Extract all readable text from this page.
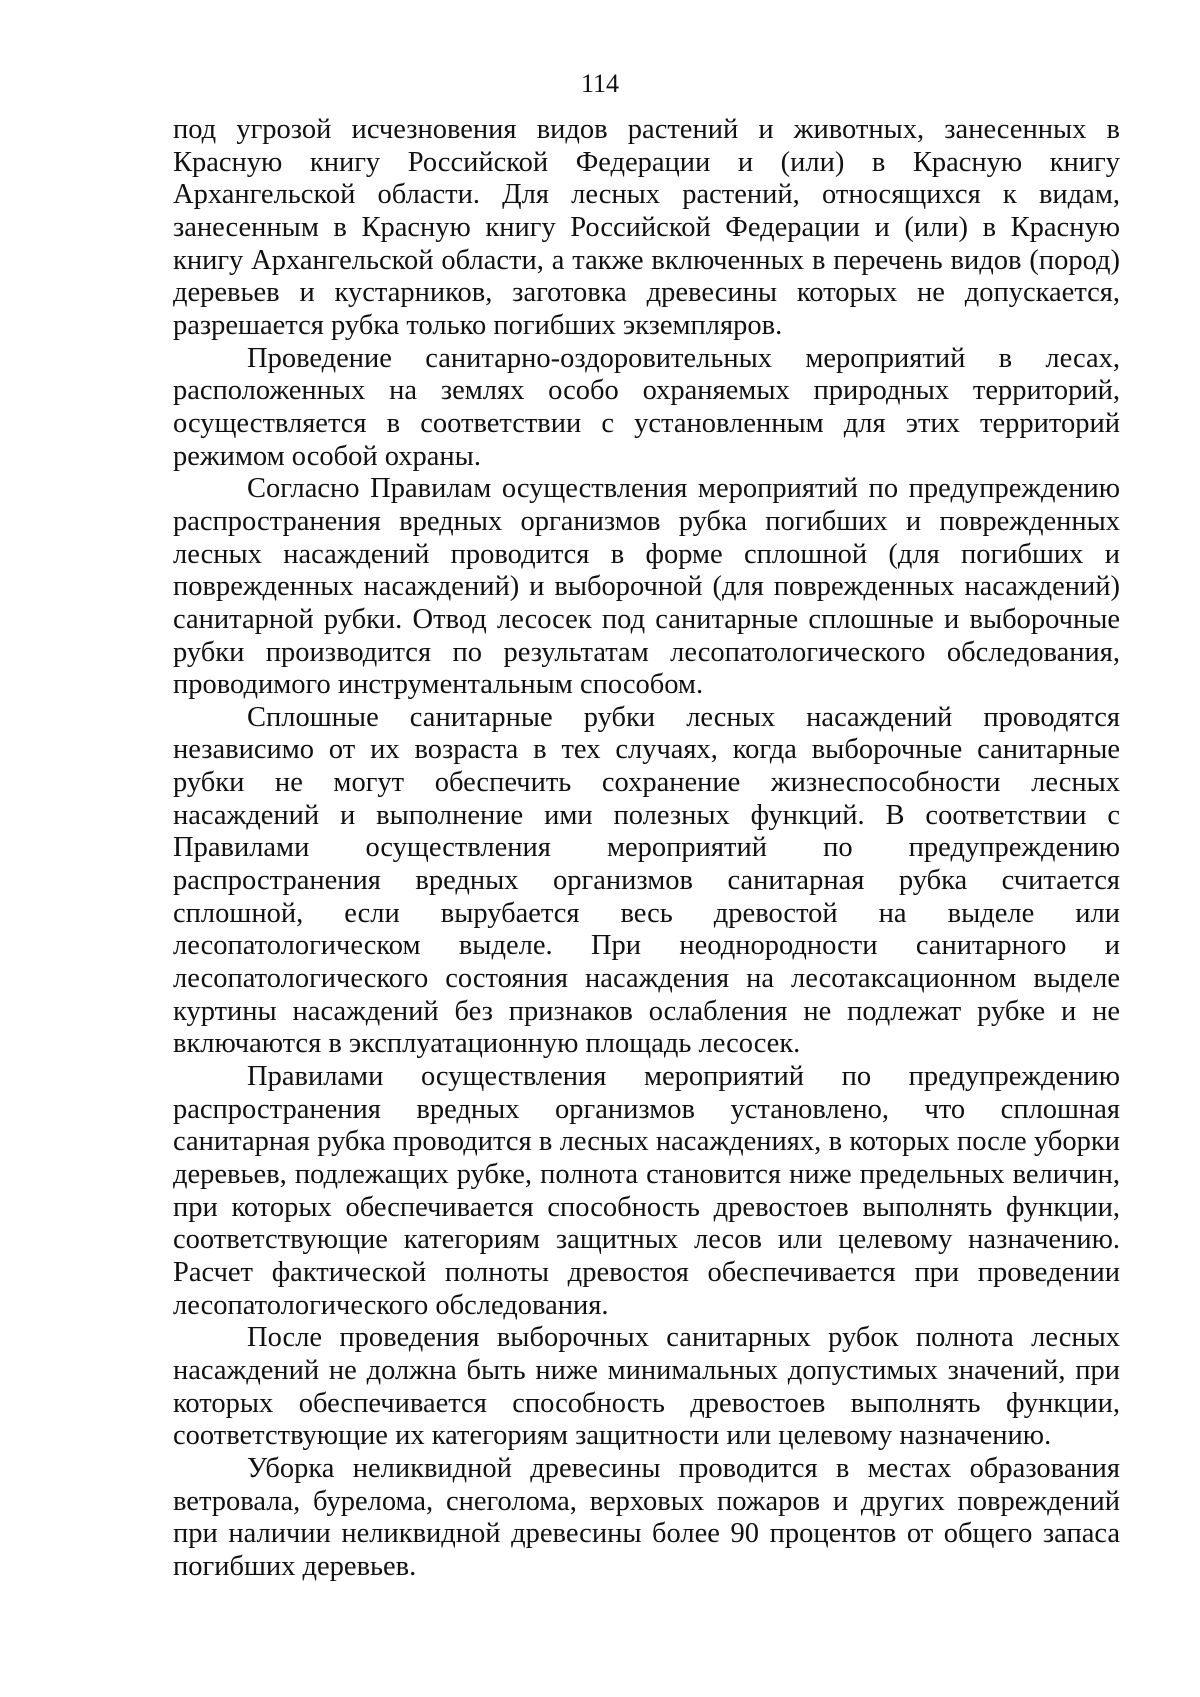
114

под угрозой исчезновения видов растений и животных, занесенных в Красную книгу Российской Федерации и (или) в Красную книгу Архангельской области. Для лесных растений, относящихся к видам, занесенным в Красную книгу Российской Федерации и (или) в Красную книгу Архангельской области, а также включенных в перечень видов (пород) деревьев и кустарников, заготовка древесины которых не допускается, разрешается рубка только погибших экземпляров.

Проведение санитарно-оздоровительных мероприятий в лесах, расположенных на землях особо охраняемых природных территорий, осуществляется в соответствии с установленным для этих территорий режимом особой охраны.

Согласно Правилам осуществления мероприятий по предупреждению распространения вредных организмов рубка погибших и поврежденных лесных насаждений проводится в форме сплошной (для погибших и поврежденных насаждений) и выборочной (для поврежденных насаждений) санитарной рубки. Отвод лесосек под санитарные сплошные и выборочные рубки производится по результатам лесопатологического обследования, проводимого инструментальным способом.

Сплошные санитарные рубки лесных насаждений проводятся независимо от их возраста в тех случаях, когда выборочные санитарные рубки не могут обеспечить сохранение жизнеспособности лесных насаждений и выполнение ими полезных функций. В соответствии с Правилами осуществления мероприятий по предупреждению распространения вредных организмов санитарная рубка считается сплошной, если вырубается весь древостой на выделе или лесопатологическом выделе. При неоднородности санитарного и лесопатологического состояния насаждения на лесотаксационном выделе куртины насаждений без признаков ослабления не подлежат рубке и не включаются в эксплуатационную площадь лесосек.

Правилами осуществления мероприятий по предупреждению распространения вредных организмов установлено, что сплошная санитарная рубка проводится в лесных насаждениях, в которых после уборки деревьев, подлежащих рубке, полнота становится ниже предельных величин, при которых обеспечивается способность древостоев выполнять функции, соответствующие категориям защитных лесов или целевому назначению. Расчет фактической полноты древостоя обеспечивается при проведении лесопатологического обследования.

После проведения выборочных санитарных рубок полнота лесных насаждений не должна быть ниже минимальных допустимых значений, при которых обеспечивается способность древостоев выполнять функции, соответствующие их категориям защитности или целевому назначению.

Уборка неликвидной древесины проводится в местах образования ветровала, бурелома, снеголома, верховых пожаров и других повреждений при наличии неликвидной древесины более 90 процентов от общего запаса погибших деревьев.
